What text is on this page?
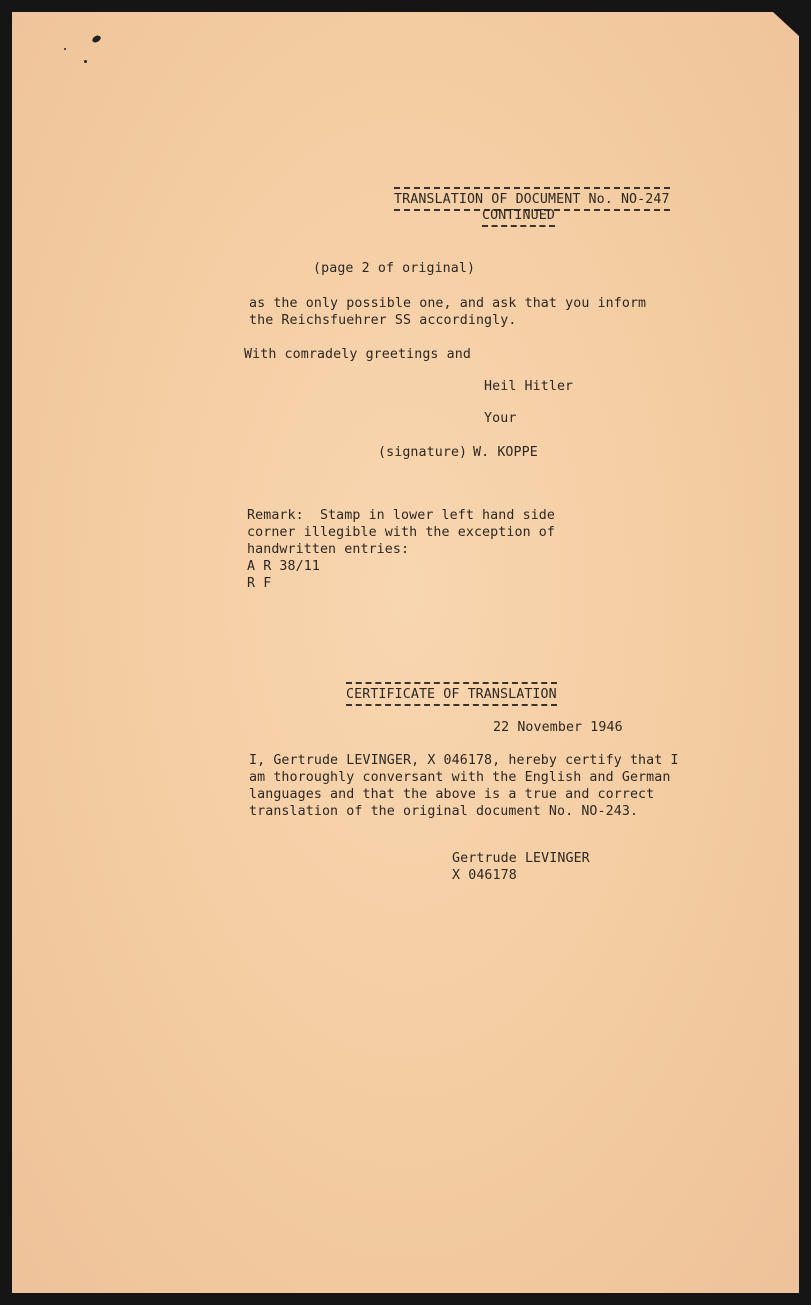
TRANSLATION OF DOCUMENT No. NO-247
CONTINUED
(page 2 of original)
as the only possible one, and ask that you inform
the Reichsfuehrer SS accordingly.
With comradely greetings and
Heil Hitler
Your
(signature) W. KOPPE
Remark:  Stamp in lower left hand side
corner illegible with the exception of
handwritten entries:
A R 38/11
R F
CERTIFICATE OF TRANSLATION
22 November 1946
I, Gertrude LEVINGER, X 046178, hereby certify that I
am thoroughly conversant with the English and German
languages and that the above is a true and correct
translation of the original document No. NO-243.
Gertrude LEVINGER
X 046178
